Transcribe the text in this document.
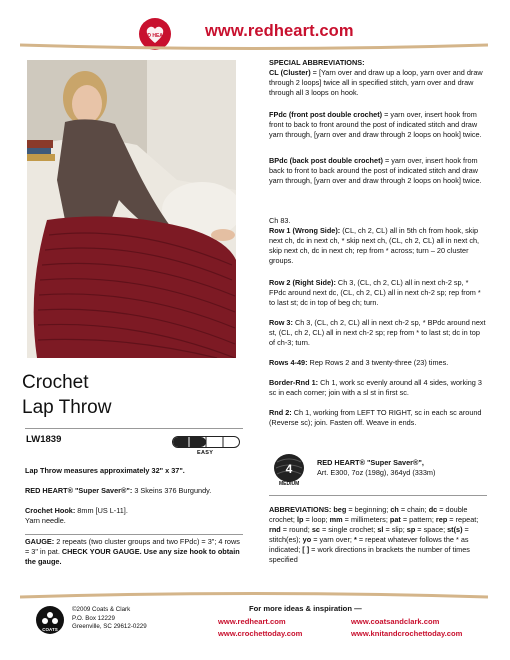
RED HEART www.redheart.com
Crochet
Lap Throw
LW1839
EASY
Lap Throw measures approximately 32" x 37".
RED HEART® "Super Saver®": 3 Skeins 376 Burgundy.
Crochet Hook: 8mm [US L-11].
Yarn needle.
GAUGE: 2 repeats (two cluster groups and two FPdc) = 3"; 4 rows = 3" in pat. CHECK YOUR GAUGE. Use any size hook to obtain the gauge.
SPECIAL ABBREVIATIONS:
CL (Cluster) = [Yarn over and draw up a loop, yarn over and draw through 2 loops] twice all in specified stitch, yarn over and draw through all 3 loops on hook.
FPdc (front post double crochet) = yarn over, insert hook from front to back to front around the post of indicated stitch and draw yarn through, [yarn over and draw through 2 loops on hook] twice.
BPdc (back post double crochet) = yarn over, insert hook from back to front to back around the post of indicated stitch and draw yarn through, [yarn over and draw through 2 loops on hook] twice.
Ch 83.
Row 1 (Wrong Side): (CL, ch 2, CL) all in 5th ch from hook, skip next ch, dc in next ch, * skip next ch, (CL, ch 2, CL) all in next ch, skip next ch, dc in next ch; rep from * across; turn – 20 cluster groups.
Row 2 (Right Side): Ch 3, (CL, ch 2, CL) all in next ch-2 sp, * FPdc around next dc, (CL, ch 2, CL) all in next ch-2 sp; rep from * to last st; dc in top of beg ch; turn.
Row 3: Ch 3, (CL, ch 2, CL) all in next ch-2 sp, * BPdc around next st, (CL, ch 2, CL) all in next ch-2 sp; rep from * to last st; dc in top of ch-3; turn.
Rows 4-49: Rep Rows 2 and 3 twenty-three (23) times.
Border-Rnd 1: Ch 1, work sc evenly around all 4 sides, working 3 sc in each corner; join with a sl st in first sc.
Rnd 2: Ch 1, working from LEFT TO RIGHT, sc in each sc around (Reverse sc); join. Fasten off. Weave in ends.
4
MEDIUM
RED HEART® "Super Saver®",
Art. E300, 7oz (198g), 364yd (333m)
ABBREVIATIONS: beg = beginning; ch = chain; dc = double crochet; lp = loop; mm = millimeters; pat = pattern; rep = repeat; rnd = round; sc = single crochet; sl = slip; sp = space; st(s) = stitch(es); yo = yarn over; * = repeat whatever follows the * as indicated; [ ] = work directions in brackets the number of times specified
COATS
©2009 Coats & Clark
P.O. Box 12229
Greenville, SC 29612-0229
For more ideas & inspiration —
www.redheart.com	www.coatsandclark.com
www.crochettoday.com	www.knitandcrochettoday.com
